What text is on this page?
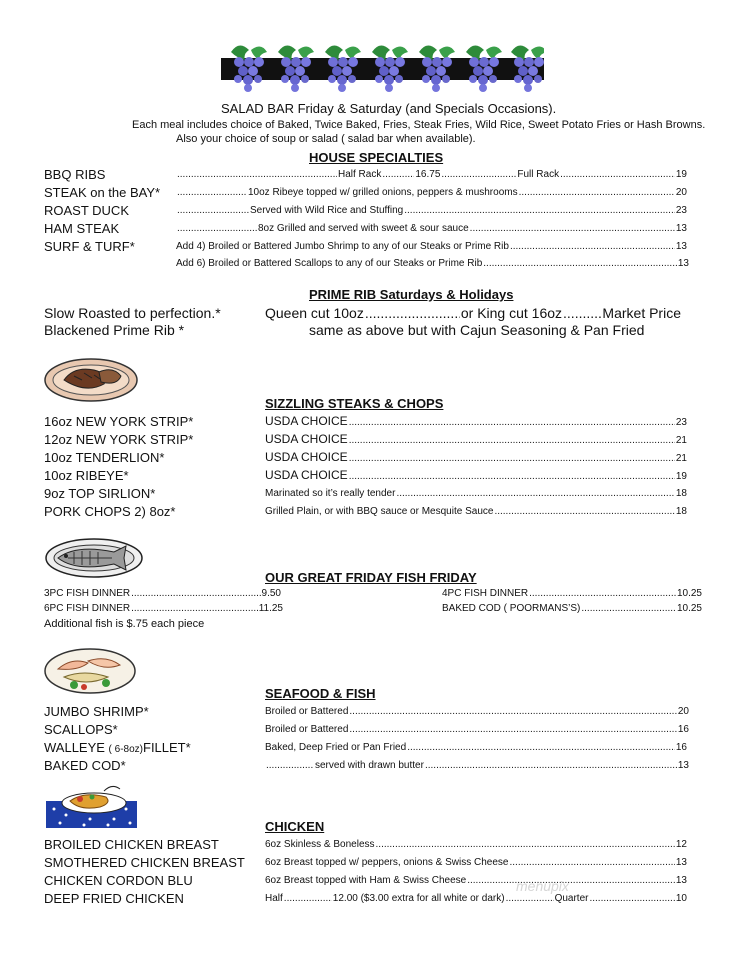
SALAD BAR Friday & Saturday (and Specials Occasions).
Each meal includes choice of Baked, Twice Baked, Fries, Steak Fries, Wild Rice, Sweet Potato Fries or Hash Browns.
Also your choice of soup or salad ( salad bar when available).
HOUSE SPECIALTIES
BBQ RIBS .....	Half Rack .....	16.75 .....	Full Rack .....	19
STEAK on the BAY* .....	10oz Ribeye topped w/ grilled onions, peppers & mushrooms .....	20
ROAST DUCK .....	Served with Wild Rice and Stuffing .....	23
HAM STEAK .....	8oz Grilled and served with sweet & sour sauce .....	13
SURF & TURF*	Add 4) Broiled or Battered Jumbo Shrimp to any of our Steaks or Prime Rib .....	13
Add 6) Broiled or Battered Scallops to any of our Steaks or Prime Rib .....	13
PRIME RIB Saturdays & Holidays
Slow Roasted to perfection.*	Queen cut 10oz .....	or King cut 16oz .....	Market Price
Blackened Prime Rib *	same as above but with Cajun Seasoning & Pan Fried
SIZZLING STEAKS & CHOPS
16oz NEW YORK STRIP*	USDA CHOICE .....	23
12oz NEW YORK STRIP*	USDA CHOICE .....	21
10oz TENDERLION*	USDA CHOICE .....	21
10oz RIBEYE*	USDA CHOICE .....	19
9oz TOP SIRLION*	Marinated so it’s really tender .....	18
PORK CHOPS 2) 8oz*	Grilled Plain, or with BBQ sauce or Mesquite Sauce .....	18
OUR GREAT FRIDAY FISH FRIDAY
3PC FISH DINNER .....	9.50	4PC FISH DINNER .....	10.25
6PC FISH DINNER .....	11.25	BAKED COD ( POORMANS’S) .....	10.25
Additional fish is $.75 each piece
SEAFOOD & FISH
JUMBO SHRIMP*	Broiled or Battered .....	20
SCALLOPS*	Broiled or Battered .....	16
WALLEYE ( 6-8oz)FILLET*	Baked, Deep Fried or Pan Fried .....	16
BAKED COD* .....	served with drawn butter .....	13
CHICKEN
BROILED CHICKEN BREAST	6oz Skinless & Boneless .....	12
SMOTHERED CHICKEN BREAST 6oz Breast topped w/ peppers, onions & Swiss Cheese .....	13
CHICKEN CORDON BLU	6oz Breast topped with Ham & Swiss Cheese .....	13
DEEP FRIED CHICKEN	Half .....	12.00 ($3.00 extra for all white or dark) .....	Quarter .....	10
menupix
